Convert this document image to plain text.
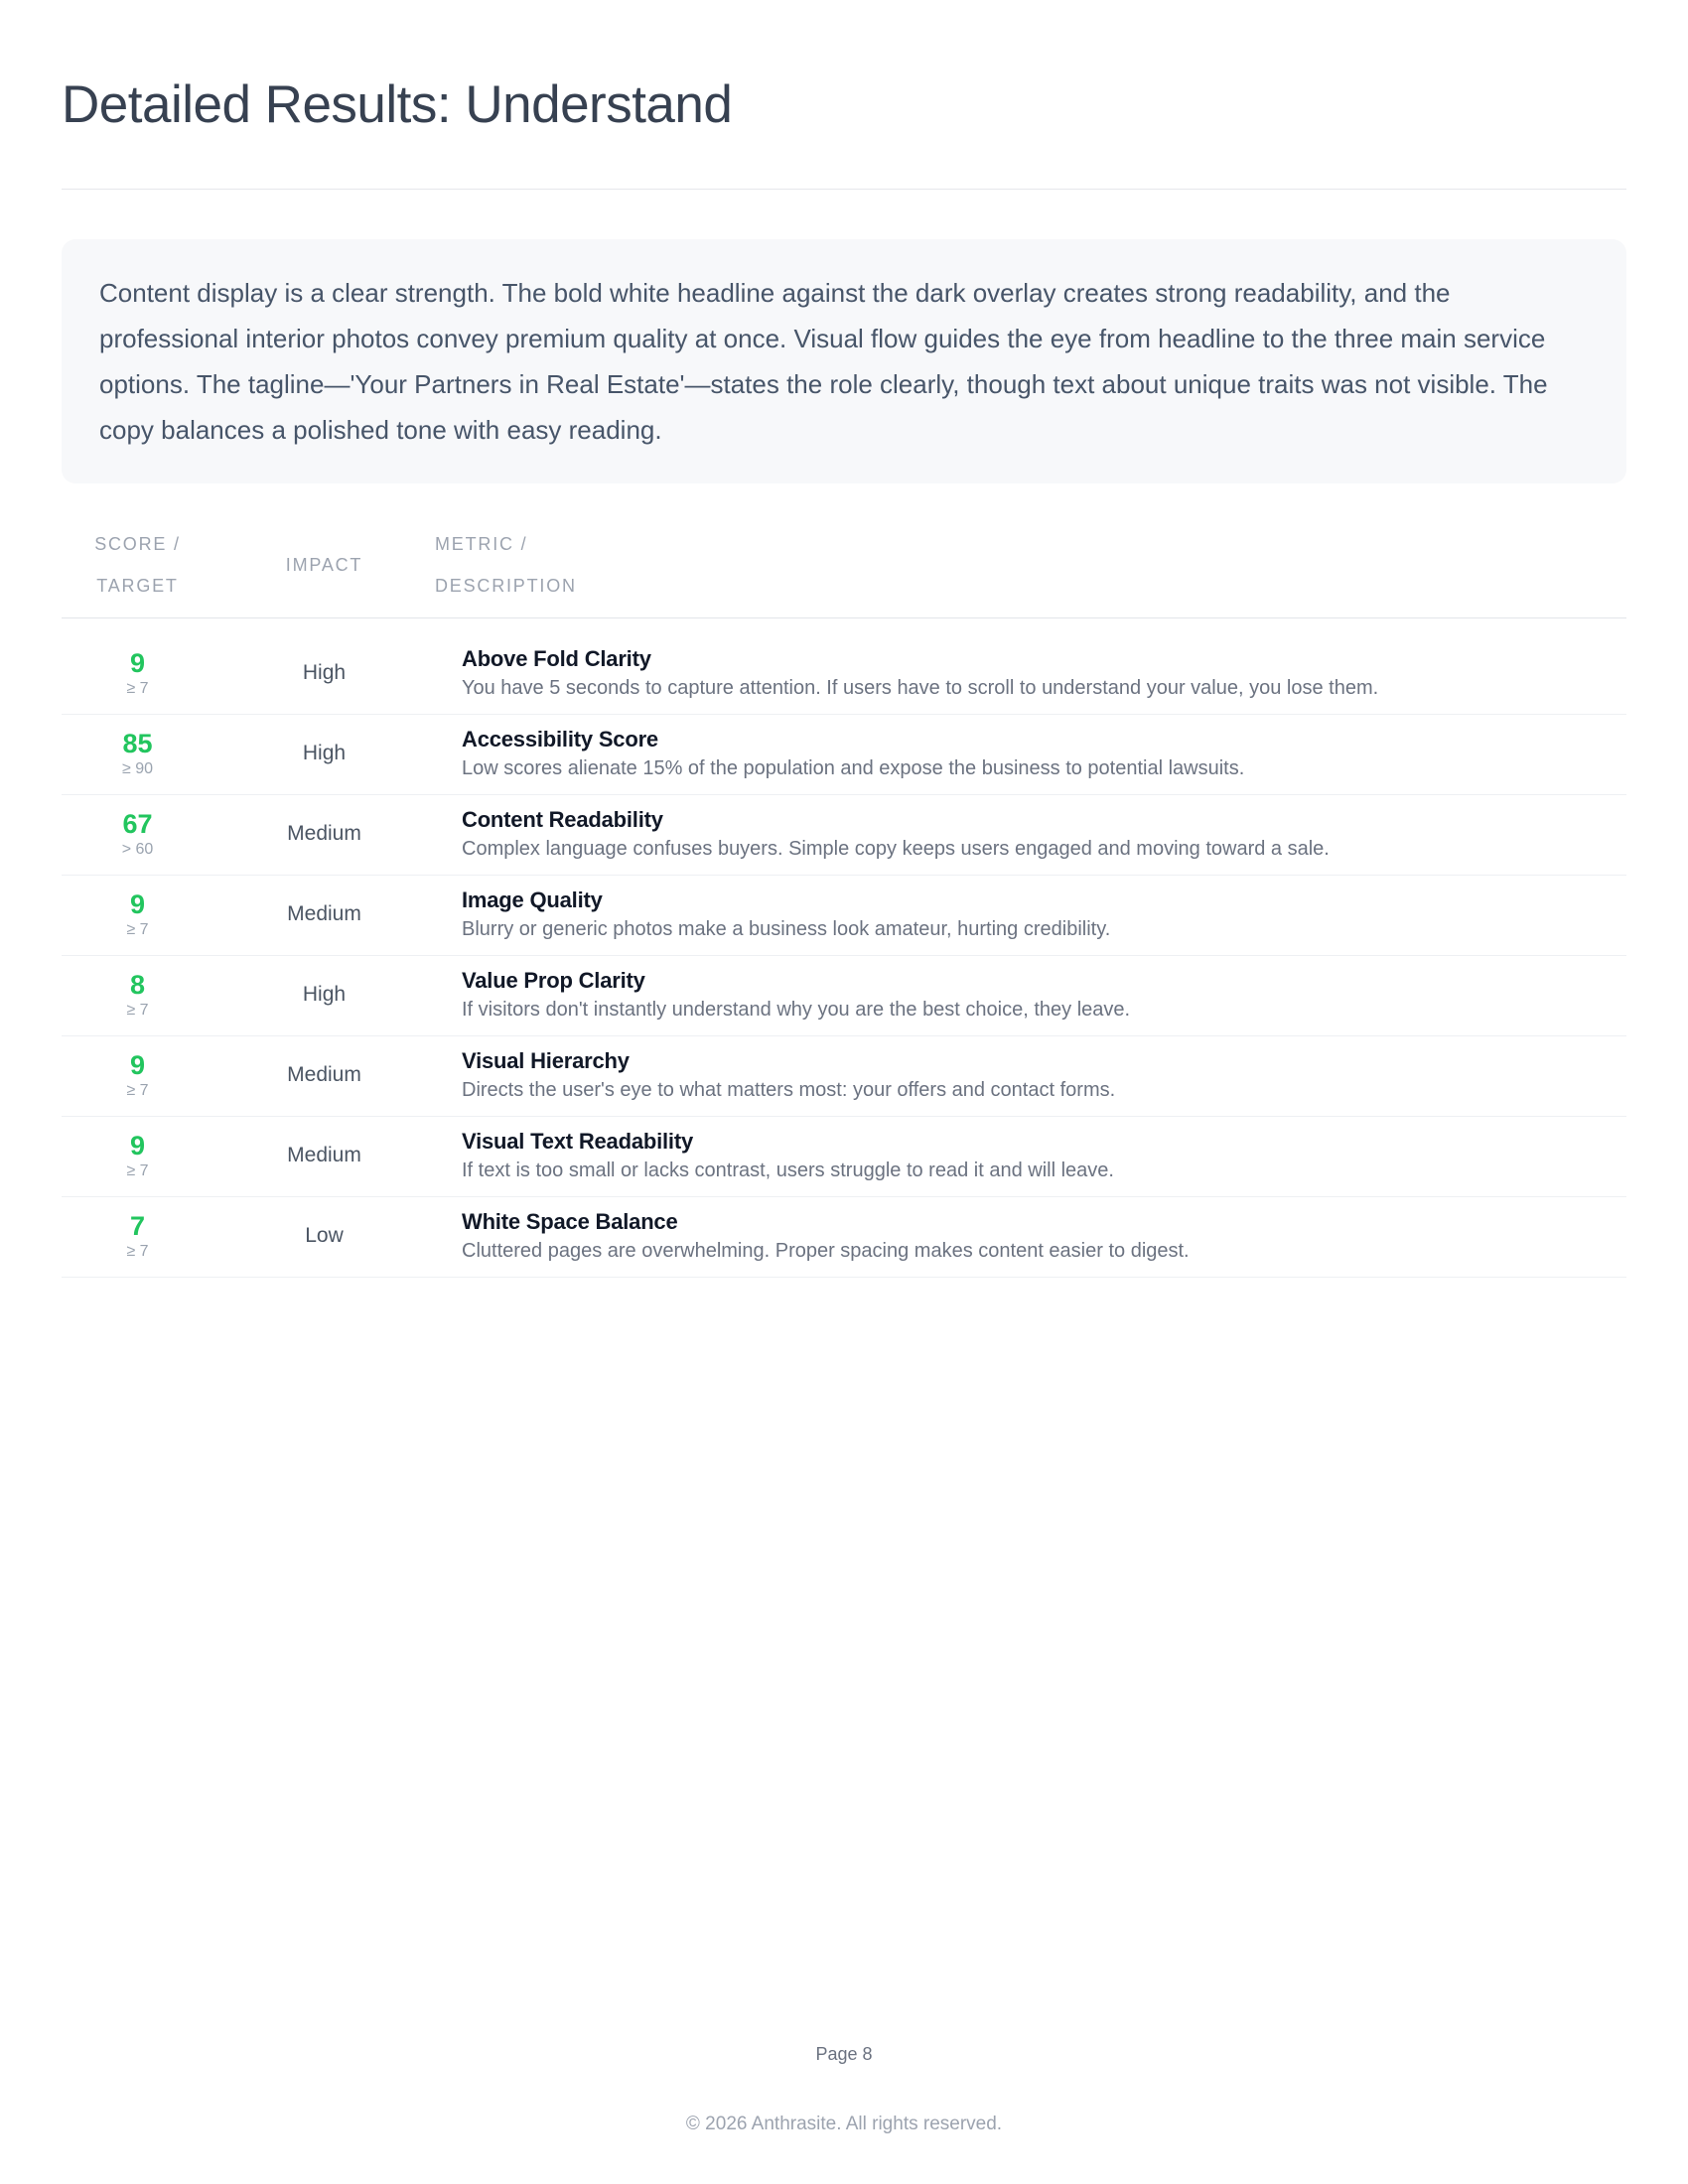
Detailed Results: Understand

Content display is a clear strength. The bold white headline against the dark overlay creates strong readability, and the professional interior photos convey premium quality at once. Visual flow guides the eye from headline to the three main service options. The tagline—'Your Partners in Real Estate'—states the role clearly, though text about unique traits was not visible. The copy balances a polished tone with easy reading.

SCORE /
TARGET
IMPACT
METRIC /
DESCRIPTION
9
≥ 7
High
Above Fold Clarity
You have 5 seconds to capture attention. If users have to scroll to understand your value, you lose them.
85
≥ 90
High
Accessibility Score
Low scores alienate 15% of the population and expose the business to potential lawsuits.
67
> 60
Medium
Content Readability
Complex language confuses buyers. Simple copy keeps users engaged and moving toward a sale.
9
≥ 7
Medium
Image Quality
Blurry or generic photos make a business look amateur, hurting credibility.
8
≥ 7
High
Value Prop Clarity
If visitors don't instantly understand why you are the best choice, they leave.
9
≥ 7
Medium
Visual Hierarchy
Directs the user's eye to what matters most: your offers and contact forms.
9
≥ 7
Medium
Visual Text Readability
If text is too small or lacks contrast, users struggle to read it and will leave.
7
≥ 7
Low
White Space Balance
Cluttered pages are overwhelming. Proper spacing makes content easier to digest.
Page 8
© 2026 Anthrasite. All rights reserved.
